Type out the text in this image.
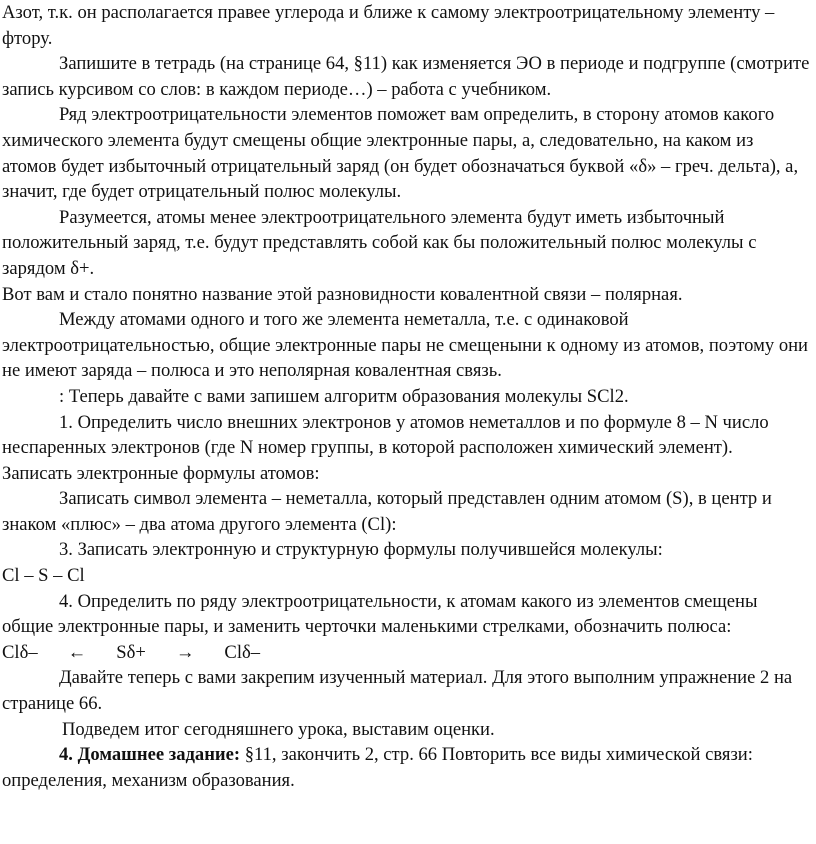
Азот, т.к. он располагается правее углерода и ближе к самому электроотрицательному элементу – фтору.

Запишите в тетрадь (на странице 64, §11) как изменяется ЭО в периоде и подгруппе (смотрите запись курсивом со слов: в каждом периоде…) – работа с учебником.

Ряд электроотрицательности элементов поможет вам определить, в сторону атомов какого химического элемента будут смещены общие электронные пары, а, следовательно, на каком из атомов будет избыточный отрицательный заряд (он будет обозначаться буквой «δ» – греч. дельта), а, значит, где будет отрицательный полюс молекулы.

Разумеется, атомы менее электроотрицательного элемента будут иметь избыточный положительный заряд, т.е. будут представлять собой как бы положительный полюс молекулы с зарядом δ+.

Вот вам и стало понятно название этой разновидности ковалентной связи – полярная.

Между атомами одного и того же элемента неметалла, т.е. с одинаковой электроотрицательностью, общие электронные пары не смещеныни к одному из атомов, поэтому они не имеют заряда – полюса и это неполярная ковалентная связь.

: Теперь давайте с вами запишем алгоритм образования молекулы SCl2.

1. Определить число внешних электронов у атомов неметаллов и по формуле 8 – N число неспаренных электронов (где N номер группы, в которой расположен химический элемент).

Записать электронные формулы атомов:

Записать символ элемента – неметалла, который представлен одним атомом (S), в центр и знаком «плюс» – два атома другого элемента (Cl):

3. Записать электронную и структурную формулы получившейся молекулы:

Cl – S – Cl

4. Определить по ряду электроотрицательности, к атомам какого из элементов смещены общие электронные пары, и заменить черточки маленькими стрелками, обозначить полюса:

Clδ– ← Sδ+ → Clδ–

Давайте теперь с вами закрепим изученный материал. Для этого выполним упражнение 2 на странице 66.

Подведем итог сегодняшнего урока, выставим оценки.

4. Домашнее задание: §11, закончить 2, стр. 66 Повторить все виды химической связи: определения, механизм образования.
